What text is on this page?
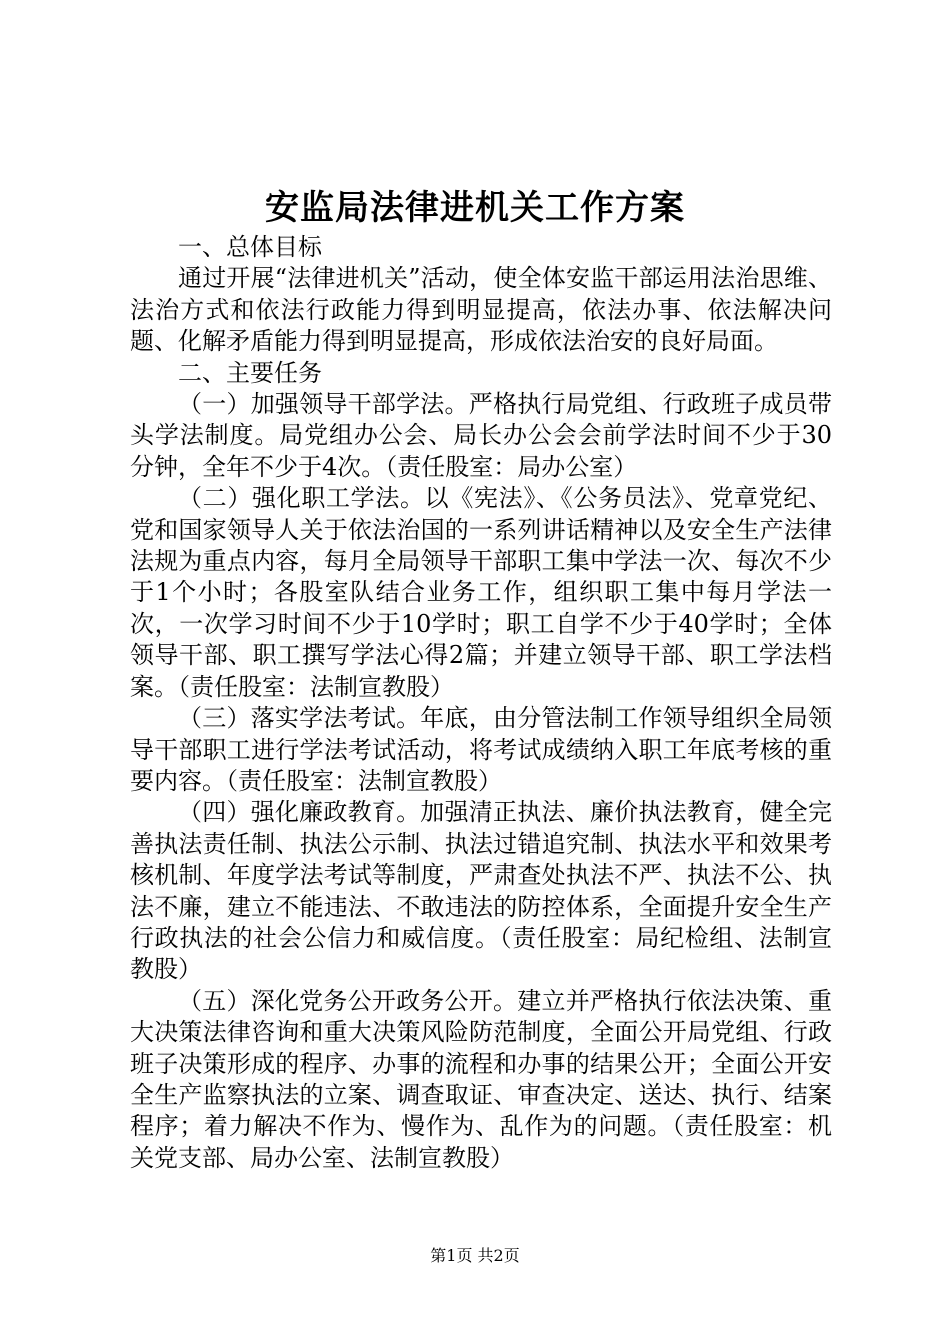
安监局法律进机关工作方案

一、总体目标

通过开展“法律进机关”活动，使全体安监干部运用法治思维、法治方式和依法行政能力得到明显提高，依法办事、依法解决问题、化解矛盾能力得到明显提高，形成依法治安的良好局面。

二、主要任务

（一）加强领导干部学法。严格执行局党组、行政班子成员带头学法制度。局党组办公会、局长办公会会前学法时间不少于30分钟，全年不少于4次。（责任股室：局办公室）

（二）强化职工学法。以《宪法》、《公务员法》、党章党纪、党和国家领导人关于依法治国的一系列讲话精神以及安全生产法律法规为重点内容，每月全局领导干部职工集中学法一次、每次不少于1个小时；各股室队结合业务工作，组织职工集中每月学法一次，一次学习时间不少于10学时；职工自学不少于40学时；全体领导干部、职工撰写学法心得2篇；并建立领导干部、职工学法档案。（责任股室：法制宣教股）

（三）落实学法考试。年底，由分管法制工作领导组织全局领导干部职工进行学法考试活动，将考试成绩纳入职工年底考核的重要内容。（责任股室：法制宣教股）

（四）强化廉政教育。加强清正执法、廉价执法教育，健全完善执法责任制、执法公示制、执法过错追究制、执法水平和效果考核机制、年度学法考试等制度，严肃查处执法不严、执法不公、执法不廉，建立不能违法、不敢违法的防控体系，全面提升安全生产行政执法的社会公信力和威信度。（责任股室：局纪检组、法制宣教股）

（五）深化党务公开政务公开。建立并严格执行依法决策、重大决策法律咨询和重大决策风险防范制度，全面公开局党组、行政班子决策形成的程序、办事的流程和办事的结果公开；全面公开安全生产监察执法的立案、调查取证、审查决定、送达、执行、结案程序；着力解决不作为、慢作为、乱作为的问题。（责任股室：机关党支部、局办公室、法制宣教股）

第1页 共2页
